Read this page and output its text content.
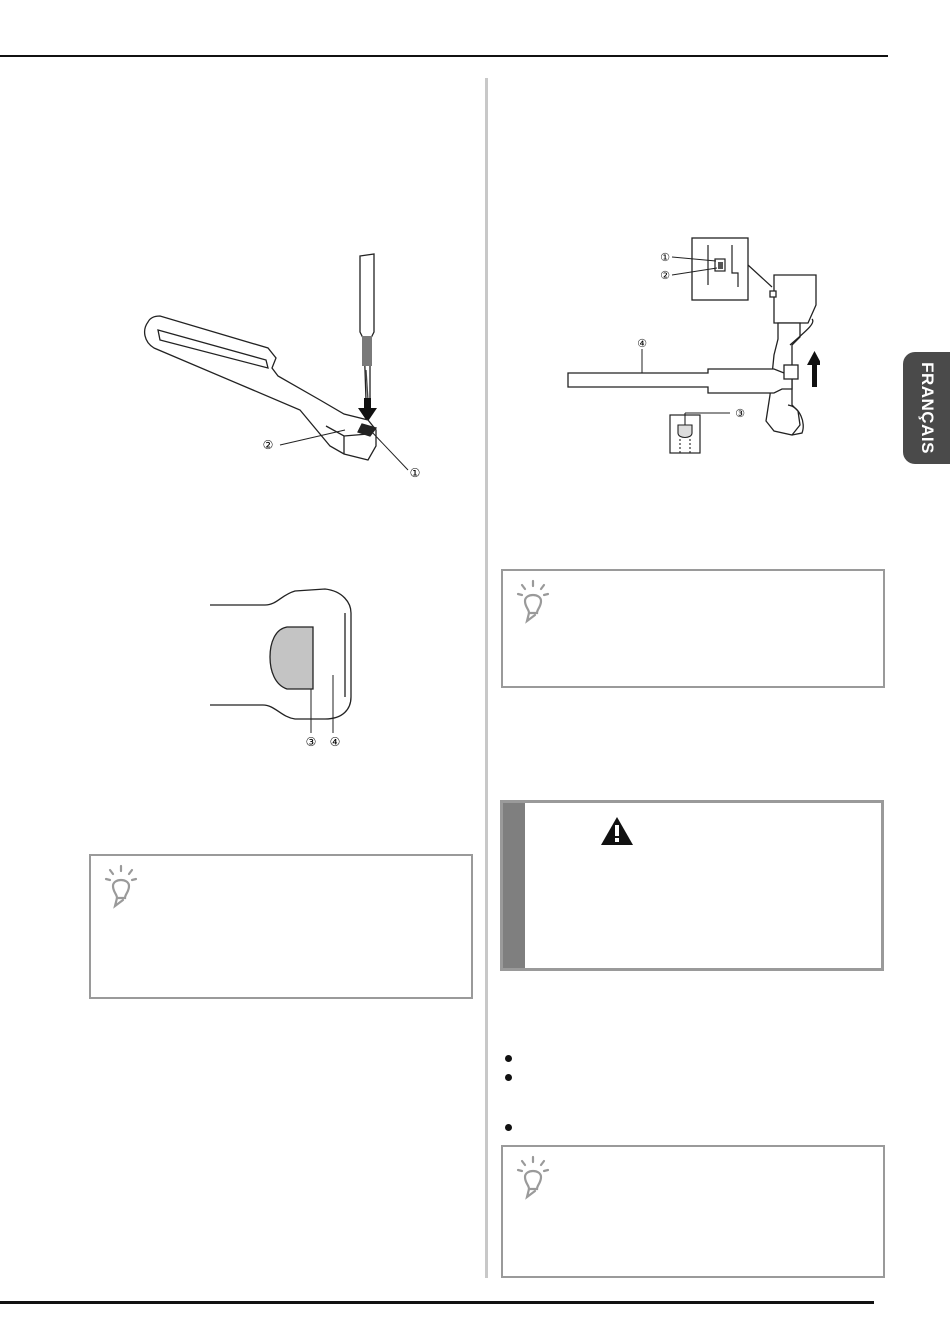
FRANÇAIS
②
①
③ ④
①
②
④
③
